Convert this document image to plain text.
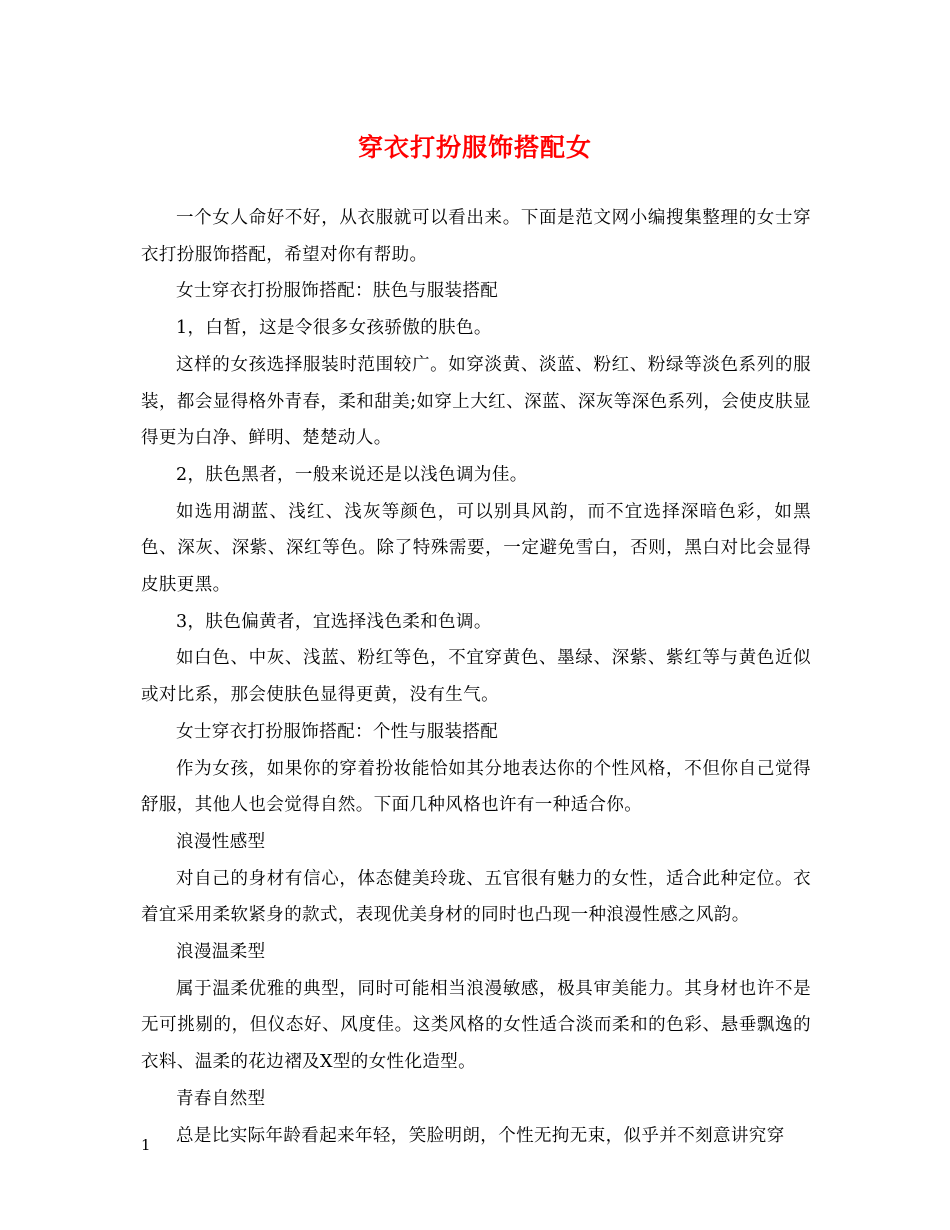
穿衣打扮服饰搭配女

一个女人命好不好，从衣服就可以看出来。下面是范文网小编搜集整理的女士穿衣打扮服饰搭配，希望对你有帮助。

女士穿衣打扮服饰搭配：肤色与服装搭配

1，白皙，这是令很多女孩骄傲的肤色。

这样的女孩选择服装时范围较广。如穿淡黄、淡蓝、粉红、粉绿等淡色系列的服装，都会显得格外青春，柔和甜美;如穿上大红、深蓝、深灰等深色系列，会使皮肤显得更为白净、鲜明、楚楚动人。

2，肤色黑者，一般来说还是以浅色调为佳。

如选用湖蓝、浅红、浅灰等颜色，可以别具风韵，而不宜选择深暗色彩，如黑色、深灰、深紫、深红等色。除了特殊需要，一定避免雪白，否则，黑白对比会显得皮肤更黑。

3，肤色偏黄者，宜选择浅色柔和色调。

如白色、中灰、浅蓝、粉红等色，不宜穿黄色、墨绿、深紫、紫红等与黄色近似或对比系，那会使肤色显得更黄，没有生气。

女士穿衣打扮服饰搭配：个性与服装搭配

作为女孩，如果你的穿着扮妆能恰如其分地表达你的个性风格，不但你自己觉得舒服，其他人也会觉得自然。下面几种风格也许有一种适合你。

浪漫性感型

对自己的身材有信心，体态健美玲珑、五官很有魅力的女性，适合此种定位。衣着宜采用柔软紧身的款式，表现优美身材的同时也凸现一种浪漫性感之风韵。

浪漫温柔型

属于温柔优雅的典型，同时可能相当浪漫敏感，极具审美能力。其身材也许不是无可挑剔的，但仪态好、风度佳。这类风格的女性适合淡而柔和的色彩、悬垂飘逸的衣料、温柔的花边褶及X型的女性化造型。

青春自然型

总是比实际年龄看起来年轻，笑脸明朗，个性无拘无束，似乎并不刻意讲究穿

1
